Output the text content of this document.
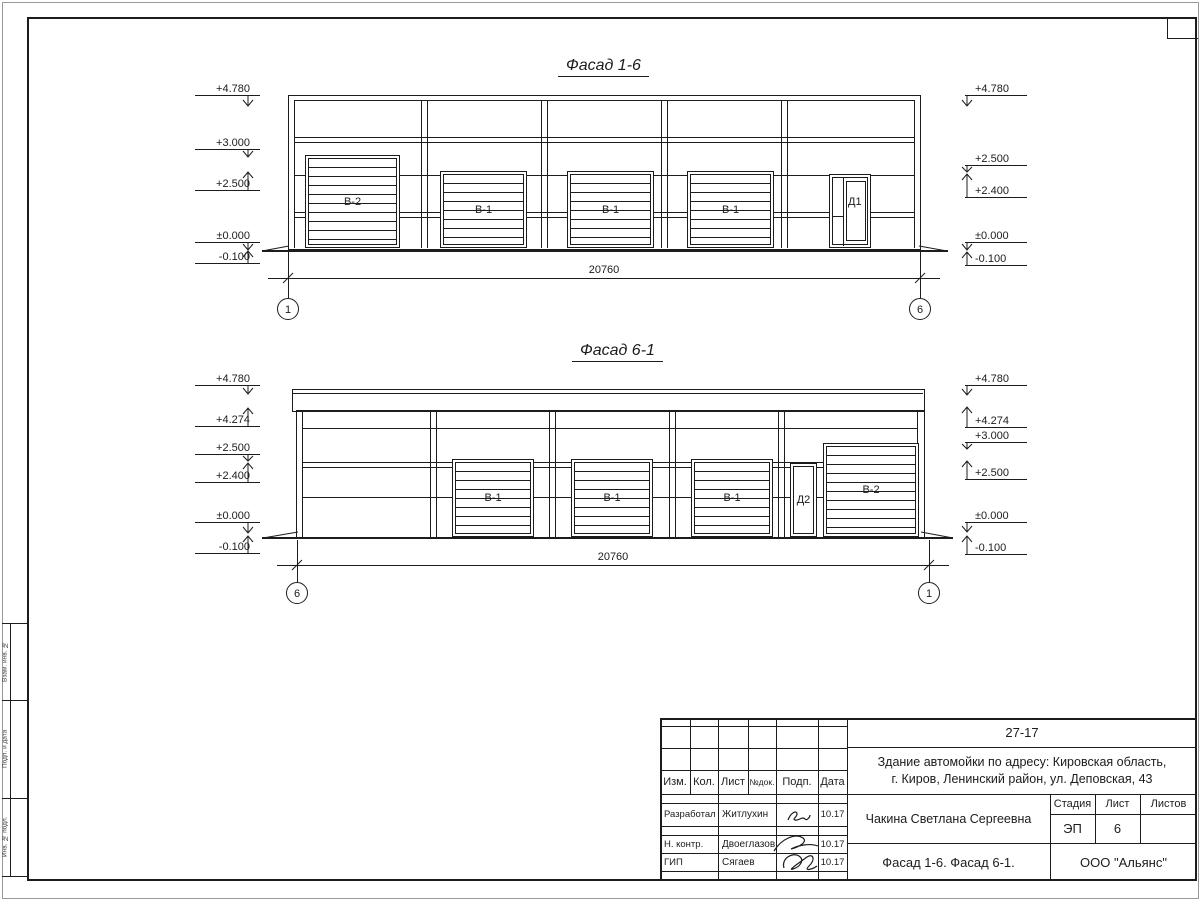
Взам. инв. №
Подп. и дата
Инв. № подл.
Фасад 1-6
В-2
В-1	В-1	В-1
Д1
+4.780
+3.000
+2.500
±0.000
-0.100
+4.780
+2.500
+2.400
±0.000
-0.100
20760
1	6
Фасад 6-1
В-1	В-1	В-1	Д2
В-2
+4.780
+4.274
+2.500
+2.400
±0.000
-0.100
+4.780
+4.274
+3.000
+2.500
±0.000
-0.100
20760
6	1
Изм. Кол. Лист №док. Подп. Дата
Разработал Житлухин	10.17
Н. контр.	Двоеглазов	10.17
ГИП	Сягаев	10.17
27-17
Здание автомойки по адресу: Кировская область,
г. Киров, Ленинский район, ул. Деповская, 43
Чакина Светлана Сергеевна
Стадия	Лист	Листов
ЭП	6
Фасад 1-6. Фасад 6-1.	ООО "Альянс"
